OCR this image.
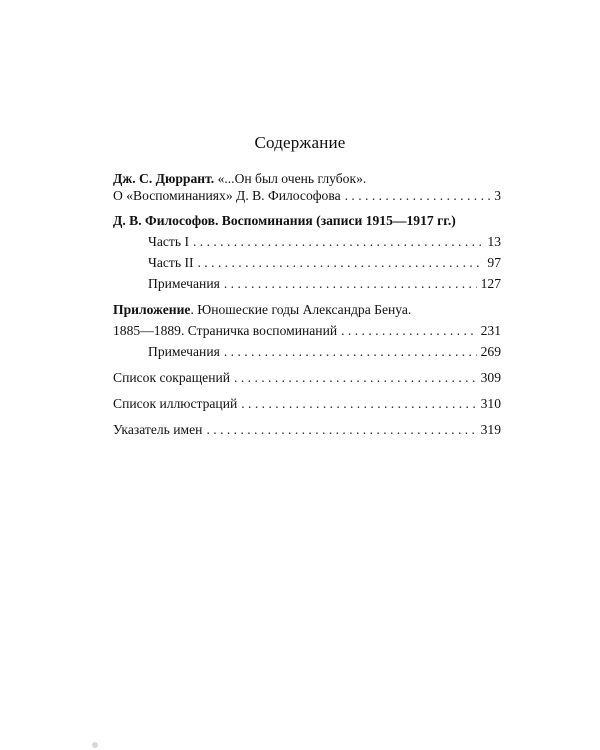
Содержание
Дж. С. Дюррант.
«...Он был очень глубок».
О «Воспоминаниях» Д. В. Философова . . .	3
Д. В. Философов. Воспоминания (записи 1915—1917 гг.)
Часть I . . .	13
Часть II . . .	97
Примечания . . .	127
Приложение . Юношеские годы Александра Бенуа.
1885—1889. Страничка воспоминаний . . .	231
Примечания . . .	269
Список сокращений . . .	309
Список иллюстраций . . .	310
Указатель имен . . .	319
